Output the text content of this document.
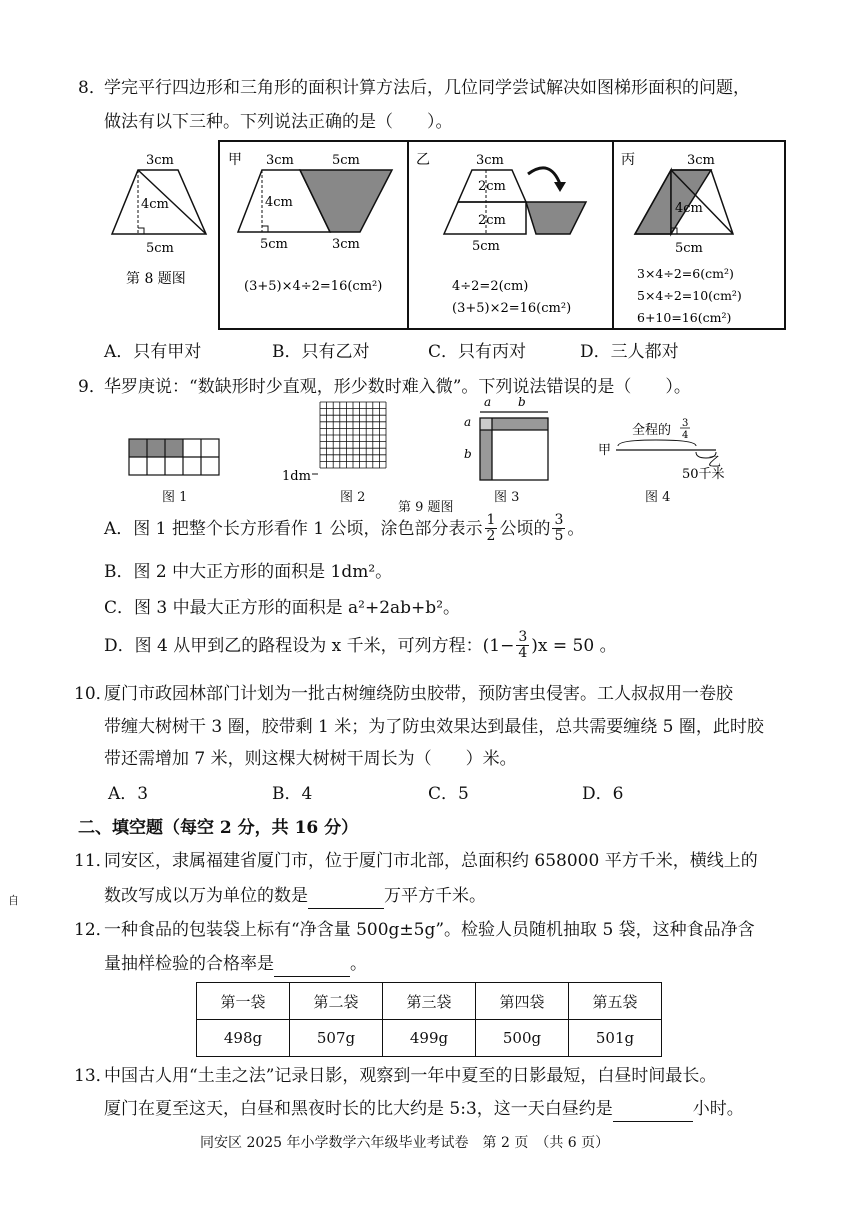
8．
学完平行四边形和三角形的面积计算方法后，几位同学尝试解决如图梯形面积的问题，
做法有以下三种。下列说法正确的是（　　）。
3cm
4cm
5cm
第 8 题图
甲 3cm	5cm
4cm
5cm	3cm
(3+5)×4÷2=16(cm²)
乙	3cm
2cm
2cm
5cm
4÷2=2(cm)
(3+5)×2=16(cm²)
丙	3cm
4cm
5cm
3×4÷2=6(cm²)
5×4÷2=10(cm²)
6+10=16(cm²)
A．只有甲对	B．只有乙对	C．只有丙对	D．三人都对
9．
华罗庚说：“数缺形时少直观，形少数时难入微”。下列说法错误的是（　　）。
图 1
1dm
图 2
a b
a
b
图 3
全程的 3
4
甲
乙
50千米
图 4
第 9 题图
A．图 1 把整个长方形看作 1 公顷，涂色部分表示 $\frac{1}{2}$ 公顷的 $\frac{3}{5}$ 。
B．图 2 中大正方形的面积是 1dm²。
C．图 3 中最大正方形的面积是 a²+2ab+b²。
D．图 4 从甲到乙的路程设为 x 千米，可列方程： $(1- \frac{3}{4} )x = 50$ 。
10．
厦门市政园林部门计划为一批古树缠绕防虫胶带，预防害虫侵害。工人叔叔用一卷胶
带缠大树树干 3 圈，胶带剩 1 米；为了防虫效果达到最佳，总共需要缠绕 5 圈，此时胶
带还需增加 7 米，则这棵大树树干周长为（　　）米。
A．3	B．4	C．5	D．6
二、填空题（每空 2 分，共 16 分）
11．
同安区，隶属福建省厦门市，位于厦门市北部，总面积约 658000 平方千米，横线上的
数改写成以万为单位的数是	万平方千米。
自
12．
一种食品的包装袋上标有“净含量 500g±5g”。检验人员随机抽取 5 袋，这种食品净含
量抽样检验的合格率是	。
第一袋	第二袋	第三袋	第四袋	第五袋
498g	507g	499g	500g	501g
13．
中国古人用“土圭之法”记录日影，观察到一年中夏至的日影最短，白昼时间最长。
厦门在夏至这天，白昼和黑夜时长的比大约是 5:3，这一天白昼约是	小时。
同安区 2025 年小学数学六年级毕业考试卷　第 2 页　（共 6 页）
